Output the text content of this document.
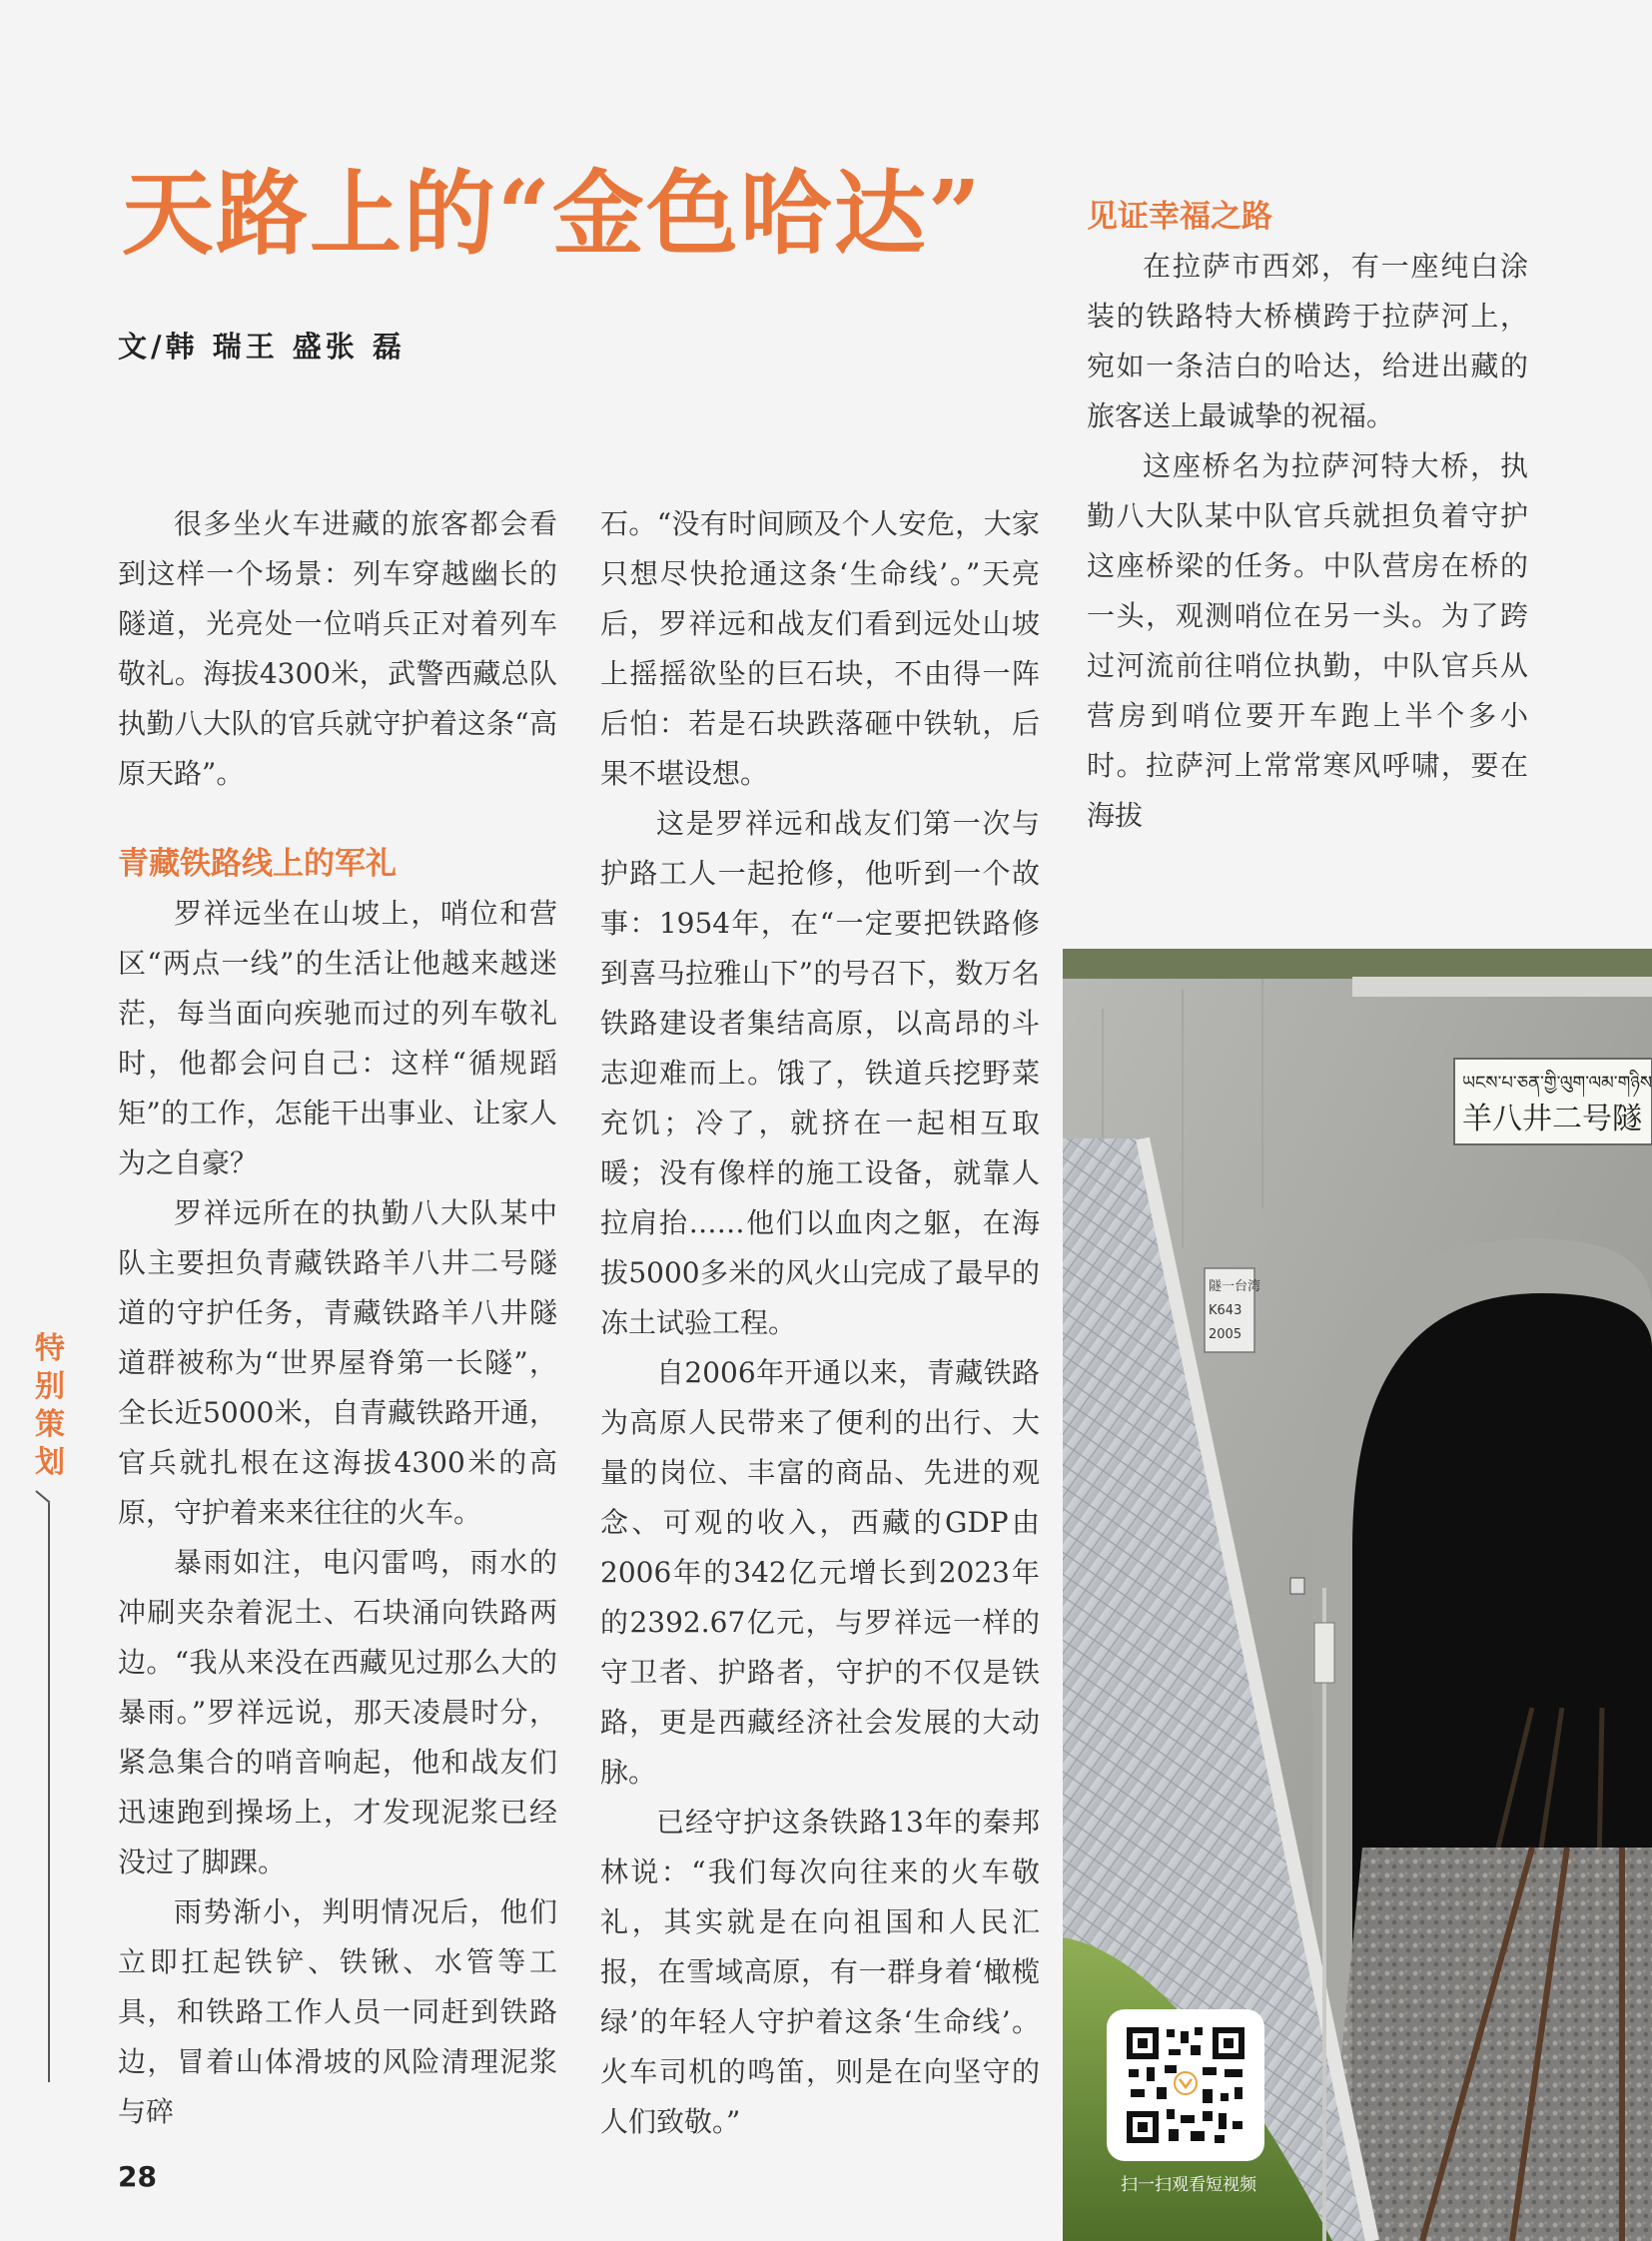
天路上的“金色哈达”
文/韩 瑞王 盛张 磊

很多坐火车进藏的旅客都会看到这样一个场景：列车穿越幽长的隧道，光亮处一位哨兵正对着列车敬礼。海拔4300米，武警西藏总队执勤八大队的官兵就守护着这条“高原天路”。

青藏铁路线上的军礼

罗祥远坐在山坡上，哨位和营区“两点一线”的生活让他越来越迷茫，每当面向疾驰而过的列车敬礼时，他都会问自己：这样“循规蹈矩”的工作，怎能干出事业、让家人为之自豪？

罗祥远所在的执勤八大队某中队主要担负青藏铁路羊八井二号隧道的守护任务，青藏铁路羊八井隧道群被称为“世界屋脊第一长隧”，全长近5000米，自青藏铁路开通，官兵就扎根在这海拔4300米的高原，守护着来来往往的火车。

暴雨如注，电闪雷鸣，雨水的冲刷夹杂着泥土、石块涌向铁路两边。“我从来没在西藏见过那么大的暴雨。”罗祥远说，那天凌晨时分，紧急集合的哨音响起，他和战友们迅速跑到操场上，才发现泥浆已经没过了脚踝。

雨势渐小，判明情况后，他们立即扛起铁铲、铁锹、水管等工具，和铁路工作人员一同赶到铁路边，冒着山体滑坡的风险清理泥浆与碎

石。“没有时间顾及个人安危，大家只想尽快抢通这条‘生命线’。”天亮后，罗祥远和战友们看到远处山坡上摇摇欲坠的巨石块，不由得一阵后怕：若是石块跌落砸中铁轨，后果不堪设想。

这是罗祥远和战友们第一次与护路工人一起抢修，他听到一个故事：1954年，在“一定要把铁路修到喜马拉雅山下”的号召下，数万名铁路建设者集结高原，以高昂的斗志迎难而上。饿了，铁道兵挖野菜充饥；冷了，就挤在一起相互取暖；没有像样的施工设备，就靠人拉肩抬……他们以血肉之躯，在海拔5000多米的风火山完成了最早的冻土试验工程。

自2006年开通以来，青藏铁路为高原人民带来了便利的出行、大量的岗位、丰富的商品、先进的观念、可观的收入，西藏的GDP由2006年的342亿元增长到2023年的2392.67亿元，与罗祥远一样的守卫者、护路者，守护的不仅是铁路，更是西藏经济社会发展的大动脉。

已经守护这条铁路13年的秦邦林说：“我们每次向往来的火车敬礼，其实就是在向祖国和人民汇报，在雪域高原，有一群身着‘橄榄绿’的年轻人守护着这条‘生命线’。火车司机的鸣笛，则是在向坚守的人们致敬。”

见证幸福之路

在拉萨市西郊，有一座纯白涂装的铁路特大桥横跨于拉萨河上，宛如一条洁白的哈达，给进出藏的旅客送上最诚挚的祝福。

这座桥名为拉萨河特大桥，执勤八大队某中队官兵就担负着守护这座桥梁的任务。中队营房在桥的一头，观测哨位在另一头。为了跨过河流前往哨位执勤，中队官兵从营房到哨位要开车跑上半个多小时。拉萨河上常常寒风呼啸，要在海拔

特别策划
28
ཡངས་པ་ཅན་གྱི་ལུག་ལམ་གཉིས
羊八井二号隧
隧一台湾
K643
2005
扫一扫观看短视频
